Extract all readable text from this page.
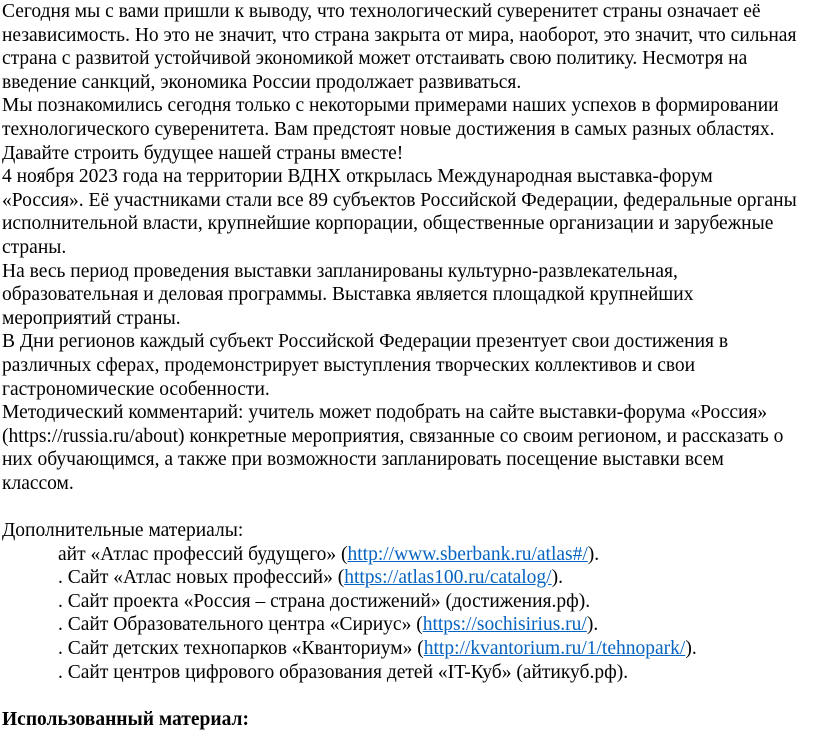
Сегодня мы с вами пришли к выводу, что технологический суверенитет страны означает её
независимость. Но это не значит, что страна закрыта от мира, наоборот, это значит, что сильная
страна с развитой устойчивой экономикой может отстаивать свою политику. Несмотря на
введение санкций, экономика России продолжает развиваться.

Мы познакомились сегодня только с некоторыми примерами наших успехов в формировании
технологического суверенитета. Вам предстоят новые достижения в самых разных областях.
Давайте строить будущее нашей страны вместе!

4 ноября 2023 года на территории ВДНХ открылась Международная выставка-форум
«Россия». Её участниками стали все 89 субъектов Российской Федерации, федеральные органы
исполнительной власти, крупнейшие корпорации, общественные организации и зарубежные
страны.

На весь период проведения выставки запланированы культурно-развлекательная,
образовательная и деловая программы. Выставка является площадкой крупнейших
мероприятий страны.

В Дни регионов каждый субъект Российской Федерации презентует свои достижения в
различных сферах, продемонстрирует выступления творческих коллективов и свои
гастрономические особенности.

Методический комментарий: учитель может подобрать на сайте выставки-форума «Россия»
(https://russia.ru/about) конкретные мероприятия, связанные со своим регионом, и рассказать о
них обучающимся, а также при возможности запланировать посещение выставки всем
классом.

Дополнительные материалы:
айт «Атлас профессий будущего» (http://www.sberbank.ru/atlas#/).
. Сайт «Атлас новых профессий» (https://atlas100.ru/catalog/).
. Сайт проекта «Россия – страна достижений» (достижения.рф).
. Сайт Образовательного центра «Сириус» (https://sochisirius.ru/).
. Сайт детских технопарков «Кванториум» (http://kvantorium.ru/1/tehnopark/).
. Сайт центров цифрового образования детей «IT-Куб» (айтикуб.рф).
Использованный материал:
